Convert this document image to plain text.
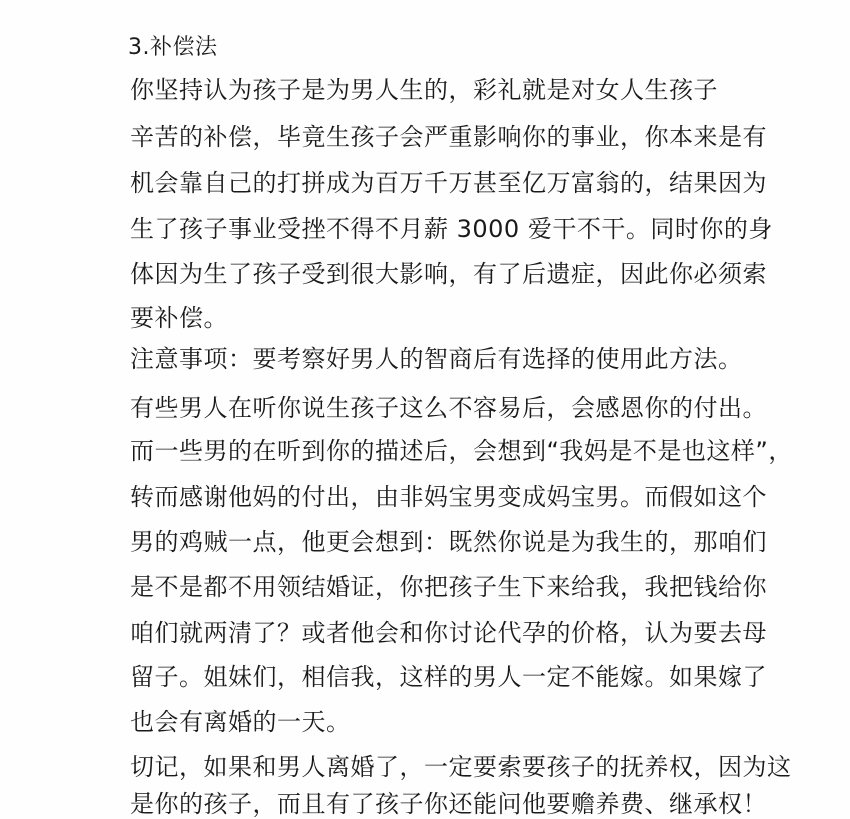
3.补偿法
你坚持认为孩子是为男人生的，彩礼就是对女人生孩子
辛苦的补偿，毕竟生孩子会严重影响你的事业，你本来是有
机会靠自己的打拼成为百万千万甚至亿万富翁的，结果因为
生了孩子事业受挫不得不月薪 3000 爱干不干。同时你的身
体因为生了孩子受到很大影响，有了后遗症，因此你必须索
要补偿。
注意事项：要考察好男人的智商后有选择的使用此方法。
有些男人在听你说生孩子这么不容易后，会感恩你的付出。
而一些男的在听到你的描述后，会想到“我妈是不是也这样”，
转而感谢他妈的付出，由非妈宝男变成妈宝男。而假如这个
男的鸡贼一点，他更会想到：既然你说是为我生的，那咱们
是不是都不用领结婚证，你把孩子生下来给我，我把钱给你
咱们就两清了？或者他会和你讨论代孕的价格，认为要去母
留子。姐妹们，相信我，这样的男人一定不能嫁。如果嫁了
也会有离婚的一天。
切记，如果和男人离婚了，一定要索要孩子的抚养权，因为这
是你的孩子，而且有了孩子你还能问他要赡养费、继承权！
